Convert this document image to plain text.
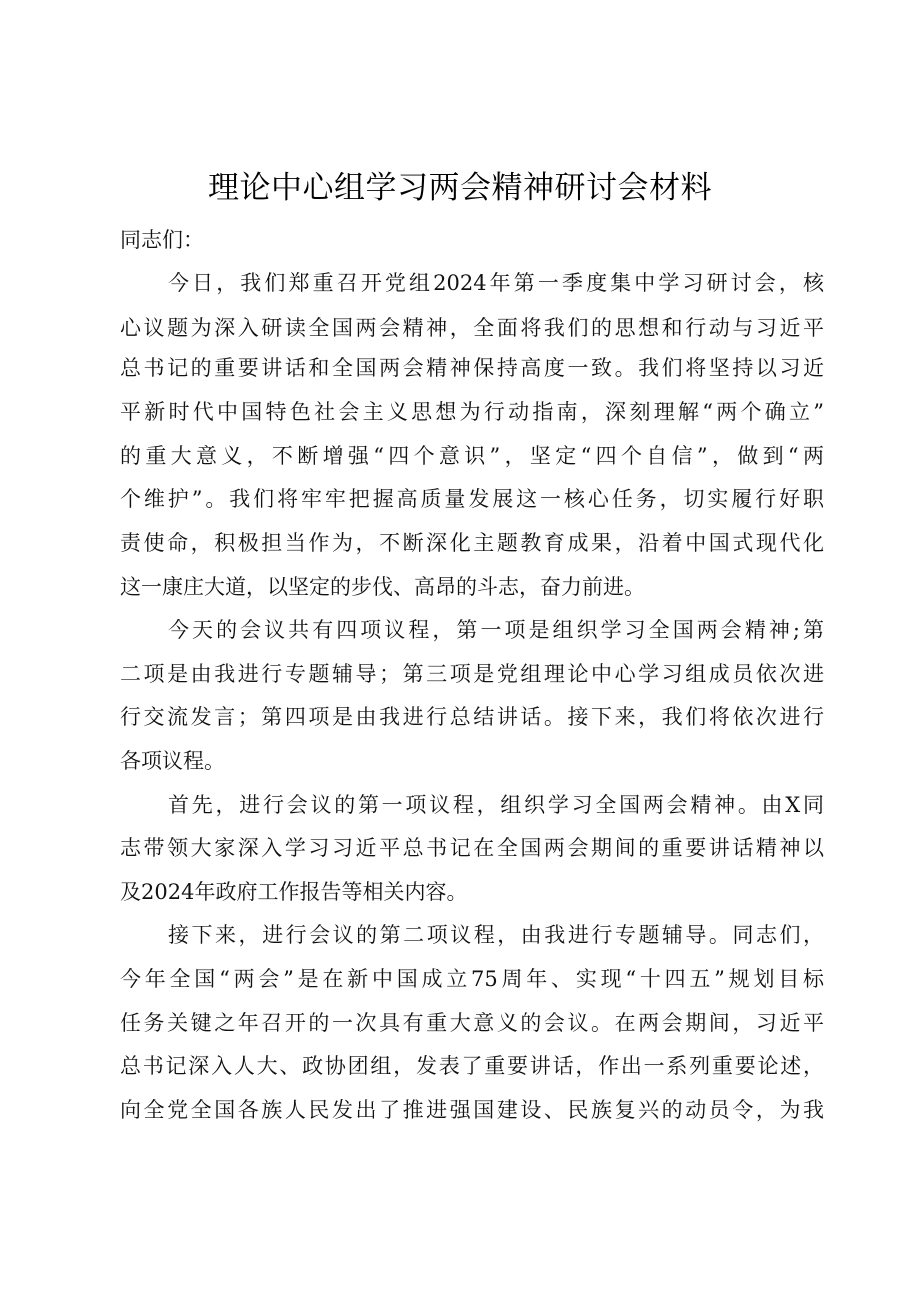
理论中心组学习两会精神研讨会材料
同志们：
今日，我们郑重召开党组2024年第一季度集中学习研讨会，核
心议题为深入研读全国两会精神，全面将我们的思想和行动与习近平
总书记的重要讲话和全国两会精神保持高度一致。我们将坚持以习近
平新时代中国特色社会主义思想为行动指南，深刻理解“两个确立”
的重大意义，不断增强“四个意识”，坚定“四个自信”，做到“两
个维护”。我们将牢牢把握高质量发展这一核心任务，切实履行好职
责使命，积极担当作为，不断深化主题教育成果，沿着中国式现代化
这一康庄大道，以坚定的步伐、高昂的斗志，奋力前进。
今天的会议共有四项议程，第一项是组织学习全国两会精神;第
二项是由我进行专题辅导；第三项是党组理论中心学习组成员依次进
行交流发言；第四项是由我进行总结讲话。接下来，我们将依次进行
各项议程。
首先，进行会议的第一项议程，组织学习全国两会精神。由X同
志带领大家深入学习习近平总书记在全国两会期间的重要讲话精神以
及2024年政府工作报告等相关内容。
接下来，进行会议的第二项议程，由我进行专题辅导。同志们，
今年全国“两会”是在新中国成立75周年、实现“十四五”规划目标
任务关键之年召开的一次具有重大意义的会议。在两会期间，习近平
总书记深入人大、政协团组，发表了重要讲话，作出一系列重要论述，
向全党全国各族人民发出了推进强国建设、民族复兴的动员令，为我
